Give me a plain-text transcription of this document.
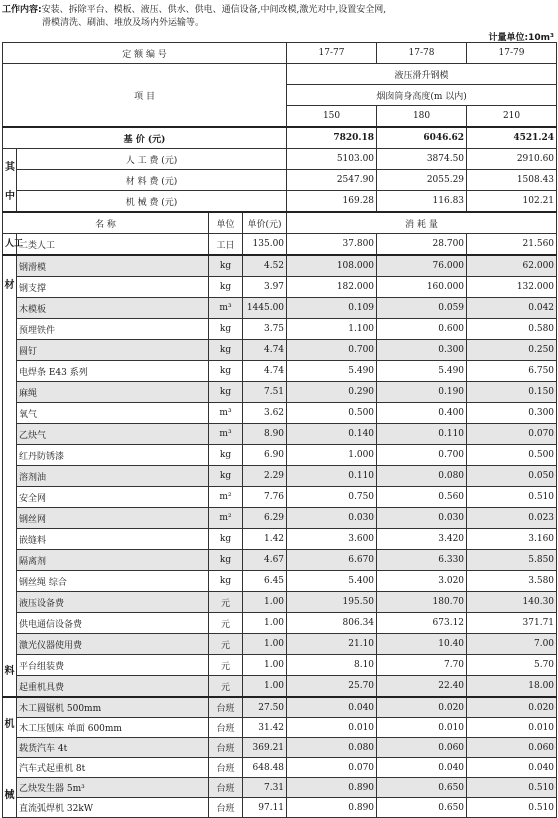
工作内容:安装、拆除平台、模板、液压、供水、供电、通信设备,中间改模,激光对中,设置安全网,
滑模清洗、刷油、堆放及场内外运输等。
计量单位:10m³
定 额 编 号				17-77	17-78	17-79
项 目				液压滑升钢模		
				烟囱筒身高度(m 以内)		
				150	180	210
基 价 (元)				7820.18	6046.62	4521.24

其
中	人 工 费 (元)			5103.00	3874.50	2910.60
	材 料 费 (元)			2547.90	2055.29	1508.43
	机 械 费 (元)			169.28	116.83	102.21
名 称		单位	单价(元)	消 耗 量		
人工	二类人工	工日	135.00	37.800	28.700	21.560

材
料	钢滑模	kg	4.52	108.000	76.000	62.000
	钢支撑	kg	3.97	182.000	160.000	132.000
	木模板	m³	1445.00	0.109	0.059	0.042
	预埋铁件	kg	3.75	1.100	0.600	0.580
	圆钉	kg	4.74	0.700	0.300	0.250
	电焊条 E43 系列	kg	4.74	5.490	5.490	6.750
	麻绳	kg	7.51	0.290	0.190	0.150
	氧气	m³	3.62	0.500	0.400	0.300
	乙炔气	m³	8.90	0.140	0.110	0.070
	红丹防锈漆	kg	6.90	1.000	0.700	0.500
	溶剂油	kg	2.29	0.110	0.080	0.050
	安全网	m²	7.76	0.750	0.560	0.510
	钢丝网	m²	6.29	0.030	0.030	0.023
	嵌缝料	kg	1.42	3.600	3.420	3.160
	隔离剂	kg	4.67	6.670	6.330	5.850
	钢丝绳 综合	kg	6.45	5.400	3.020	3.580
	液压设备费	元	1.00	195.50	180.70	140.30
	供电通信设备费	元	1.00	806.34	673.12	371.71
	激光仪器使用费	元	1.00	21.10	10.40	7.00
	平台组装费	元	1.00	8.10	7.70	5.70
	起重机具费	元	1.00	25.70	22.40	18.00

机
械	木工圆锯机 500mm	台班	27.50	0.040	0.020	0.020
	木工压刨床 单面 600mm	台班	31.42	0.010	0.010	0.010
	载货汽车 4t	台班	369.21	0.080	0.060	0.060
	汽车式起重机 8t	台班	648.48	0.070	0.040	0.040
	乙炔发生器 5m³	台班	7.31	0.890	0.650	0.510
	直流弧焊机 32kW	台班	97.11	0.890	0.650	0.510
